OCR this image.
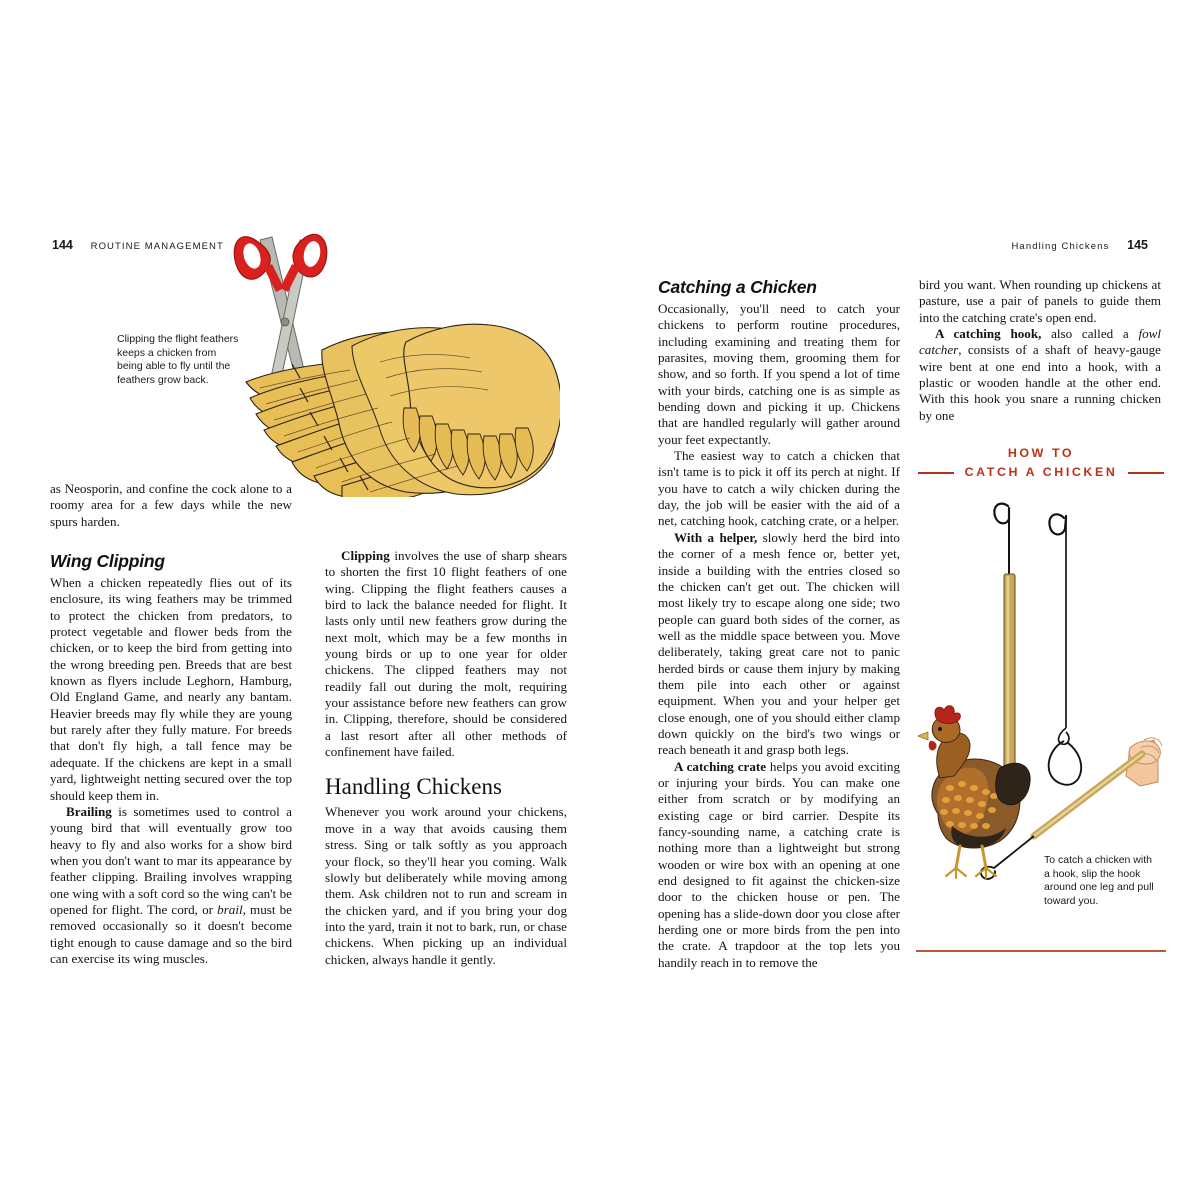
144 ROUTINE MANAGEMENT
Clipping the flight feathers keeps a chicken from being able to fly until the feathers grow back.

as Neosporin, and confine the cock alone to a roomy area for a few days while the new spurs harden.

Wing Clipping

When a chicken repeatedly flies out of its enclosure, its wing feathers may be trimmed to protect the chicken from predators, to protect vegetable and flower beds from the chicken, or to keep the bird from getting into the wrong breeding pen. Breeds that are best known as flyers include Leghorn, Hamburg, Old England Game, and nearly any bantam. Heavier breeds may fly while they are young but rarely after they fully mature. For breeds that don't fly high, a tall fence may be adequate. If the chickens are kept in a small yard, lightweight netting secured over the top should keep them in.

Brailing is sometimes used to control a young bird that will eventually grow too heavy to fly and also works for a show bird when you don't want to mar its appearance by feather clipping. Brailing involves wrapping one wing with a soft cord so the wing can't be opened for flight. The cord, or brail, must be removed occasionally so it doesn't become tight enough to cause damage and so the bird can exercise its wing muscles.

Clipping involves the use of sharp shears to shorten the first 10 flight feathers of one wing. Clipping the flight feathers causes a bird to lack the balance needed for flight. It lasts only until new feathers grow during the next molt, which may be a few months in young birds or up to one year for older chickens. The clipped feathers may not readily fall out during the molt, requiring your assistance before new feathers can grow in. Clipping, therefore, should be considered a last resort after all other methods of confinement have failed.

Handling Chickens

Whenever you work around your chickens, move in a way that avoids causing them stress. Sing or talk softly as you approach your flock, so they'll hear you coming. Walk slowly but deliberately while moving among them. Ask children not to run and scream in the chicken yard, and if you bring your dog into the yard, train it not to bark, run, or chase chickens. When picking up an individual chicken, always handle it gently.

Handling Chickens 145
Catching a Chicken

Occasionally, you'll need to catch your chickens to perform routine procedures, including examining and treating them for parasites, moving them, grooming them for show, and so forth. If you spend a lot of time with your birds, catching one is as simple as bending down and picking it up. Chickens that are handled regularly will gather around your feet expectantly.

The easiest way to catch a chicken that isn't tame is to pick it off its perch at night. If you have to catch a wily chicken during the day, the job will be easier with the aid of a net, catching hook, catching crate, or a helper.

With a helper, slowly herd the bird into the corner of a mesh fence or, better yet, inside a building with the entries closed so the chicken can't get out. The chicken will most likely try to escape along one side; two people can guard both sides of the corner, as well as the middle space between you. Move deliberately, taking great care not to panic herded birds or cause them injury by making them pile into each other or against equipment. When you and your helper get close enough, one of you should either clamp down quickly on the bird's two wings or reach beneath it and grasp both legs.

A catching crate helps you avoid exciting or injuring your birds. You can make one either from scratch or by modifying an existing cage or bird carrier. Despite its fancy-sounding name, a catching crate is nothing more than a lightweight but strong wooden or wire box with an opening at one end designed to fit against the chicken-size door to the chicken house or pen. The opening has a slide-down door you close after herding one or more birds from the pen into the crate. A trapdoor at the top lets you handily reach in to remove the

bird you want. When rounding up chickens at pasture, use a pair of panels to guide them into the catching crate's open end.

A catching hook, also called a fowl catcher, consists of a shaft of heavy-gauge wire bent at one end into a hook, with a plastic or wooden handle at the other end. With this hook you snare a running chicken by one

HOW TO
CATCH A CHICKEN
To catch a chicken with a hook, slip the hook around one leg and pull toward you.
